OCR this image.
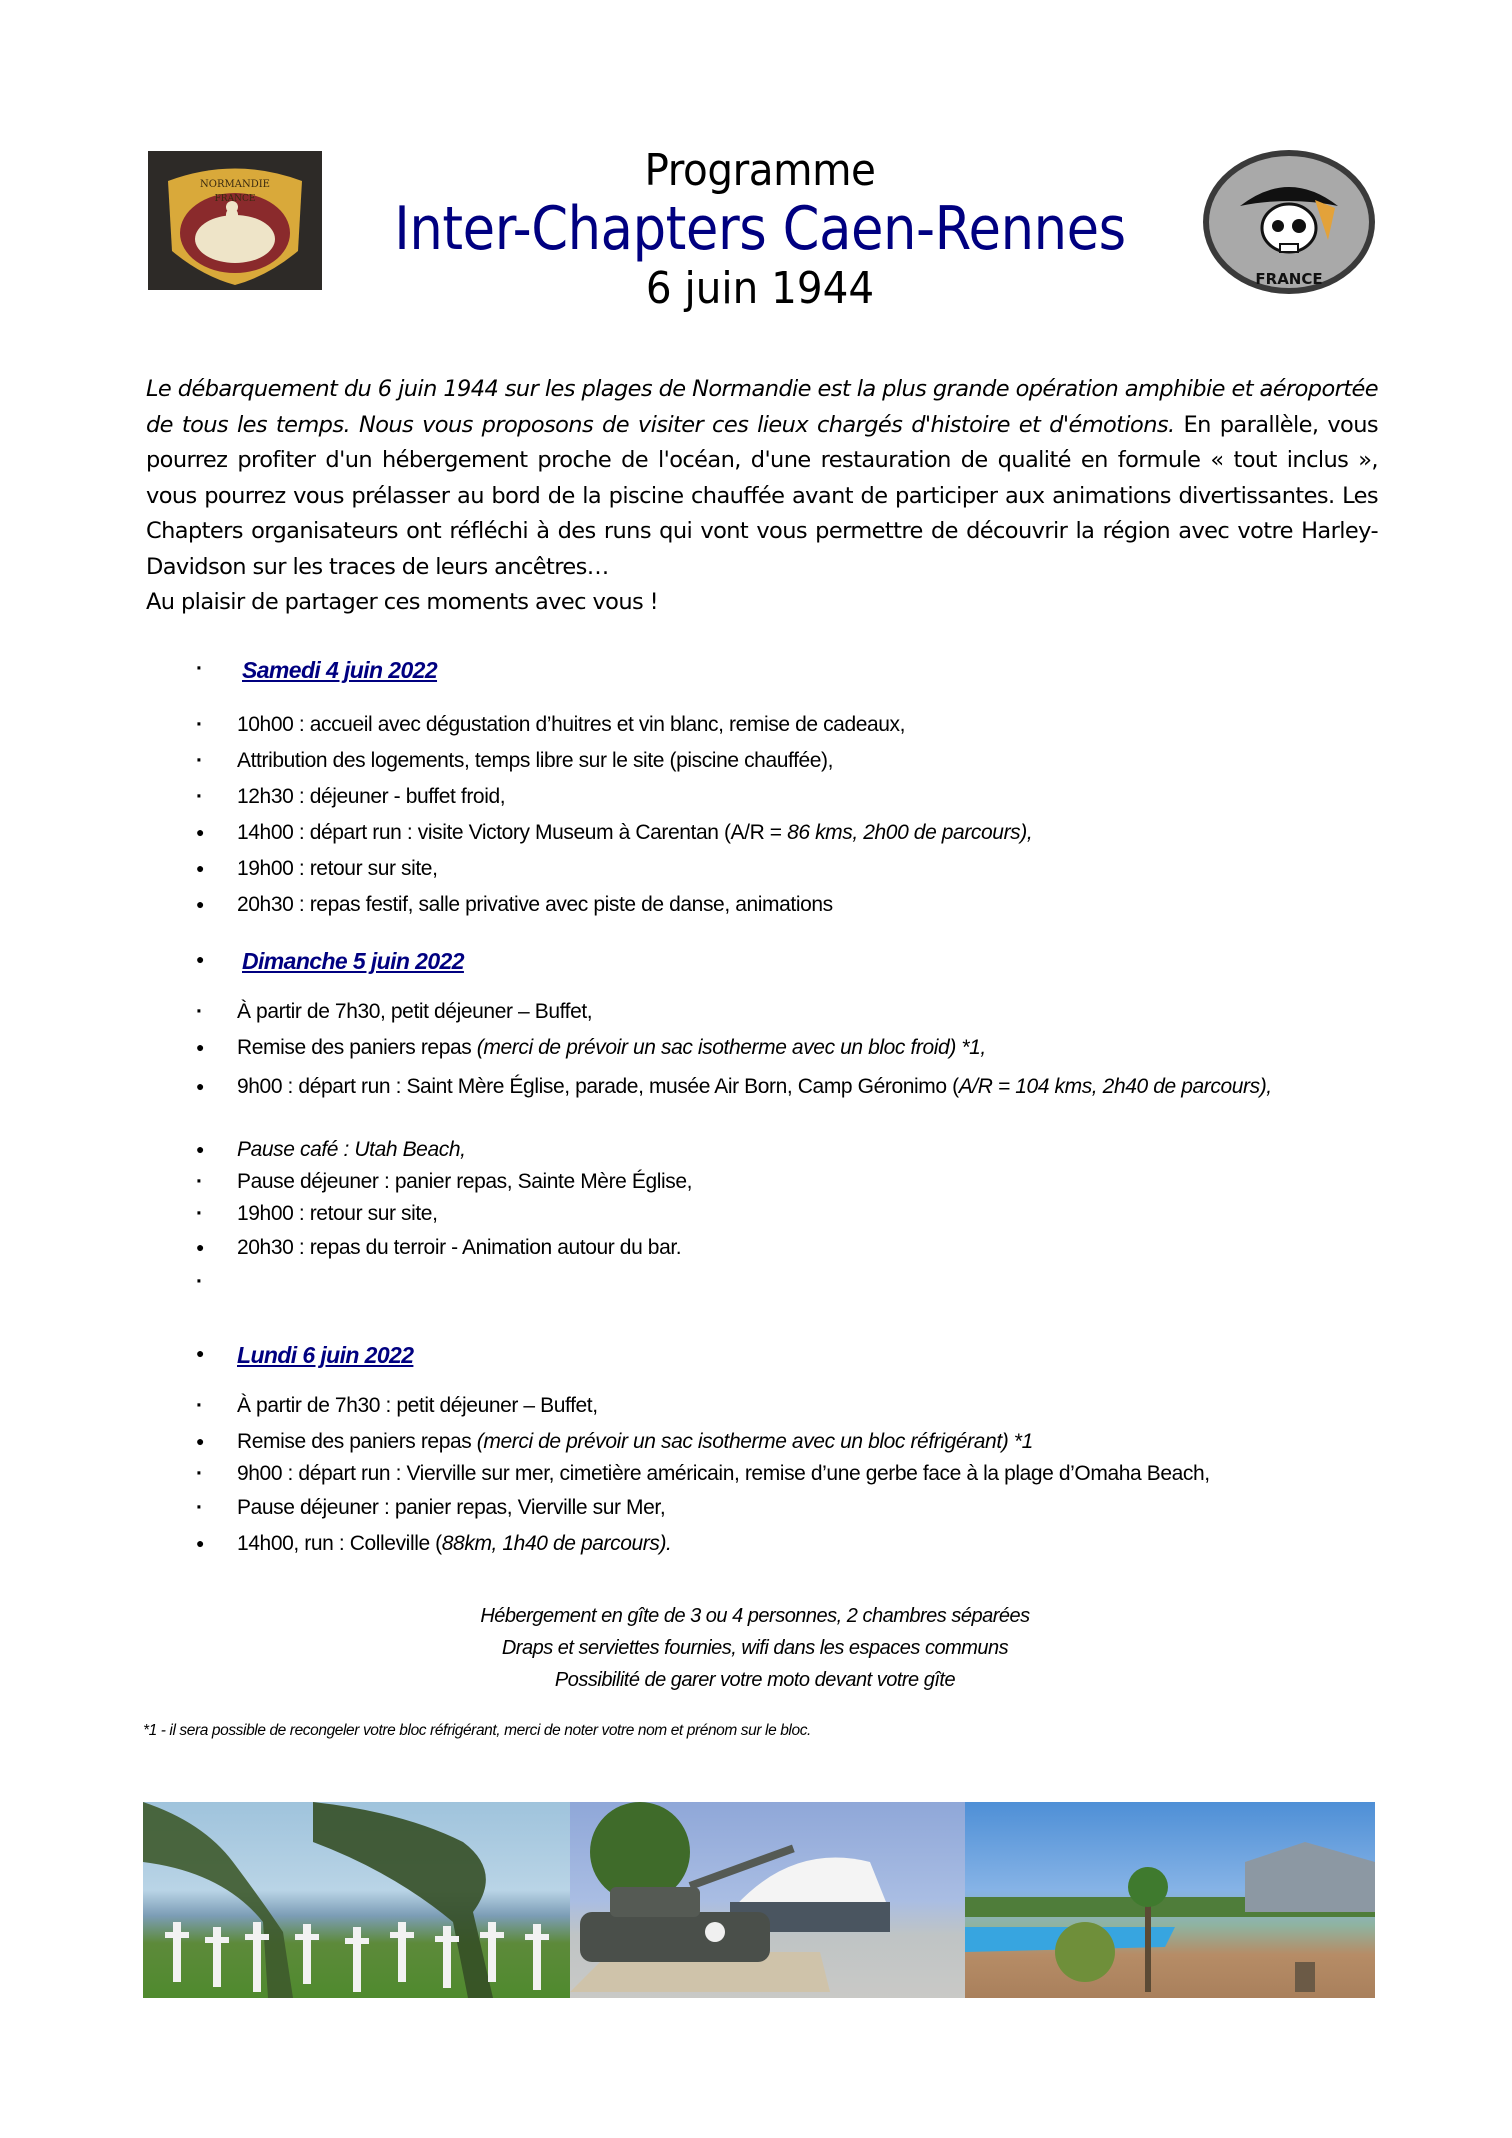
NORMANDIE
FRANCE
Programme
Inter-Chapters Caen-Rennes
6 juin 1944	FRANCE

Le débarquement du 6 juin 1944 sur les plages de Normandie est la plus grande opération amphibie et aéroportée de tous les temps. Nous vous proposons de visiter ces lieux chargés d'histoire et d'émotions. En parallèle, vous pourrez profiter d'un hébergement proche de l'océan, d'une restauration de qualité en formule « tout inclus », vous pourrez vous prélasser au bord de la piscine chauffée avant de participer aux animations divertissantes. Les Chapters organisateurs ont réfléchi à des runs qui vont vous permettre de découvrir la région avec votre Harley-Davidson sur les traces de leurs ancêtres…

Au plaisir de partager ces moments avec vous !

·
Samedi 4 juin 2022
·
10h00 : accueil avec dégustation d’huitres et vin blanc, remise de cadeaux,
·
Attribution des logements, temps libre sur le site (piscine chauffée),
·
12h30 : déjeuner - buffet froid,
●
14h00 : départ run : visite Victory Museum à Carentan (A/R = 86 kms, 2h00 de parcours),
●
19h00 : retour sur site,
●
20h30 : repas festif, salle privative avec piste de danse, animations
●
Dimanche 5 juin 2022
·
À partir de 7h30, petit déjeuner – Buffet,
●
Remise des paniers repas (merci de prévoir un sac isotherme avec un bloc froid) *1,
●
9h00 : départ run : Saint Mère Église, parade, musée Air Born, Camp Géronimo (A/R = 104 kms, 2h40 de parcours),
●
Pause café : Utah Beach,
·
Pause déjeuner : panier repas, Sainte Mère Église,
·
19h00 : retour sur site,
●
20h30 : repas du terroir - Animation autour du bar.
·
●
Lundi 6 juin 2022
·
À partir de 7h30 : petit déjeuner – Buffet,
●
Remise des paniers repas (merci de prévoir un sac isotherme avec un bloc réfrigérant) *1
·
9h00 : départ run : Vierville sur mer, cimetière américain, remise d’une gerbe face à la plage d’Omaha Beach,
·
Pause déjeuner : panier repas, Vierville sur Mer,
●
14h00, run : Colleville (88km, 1h40 de parcours).
Hébergement en gîte de 3 ou 4 personnes, 2 chambres séparées
Draps et serviettes fournies, wifi dans les espaces communs
Possibilité de garer votre moto devant votre gîte
*1 - il sera possible de recongeler votre bloc réfrigérant, merci de noter votre nom et prénom sur le bloc.
